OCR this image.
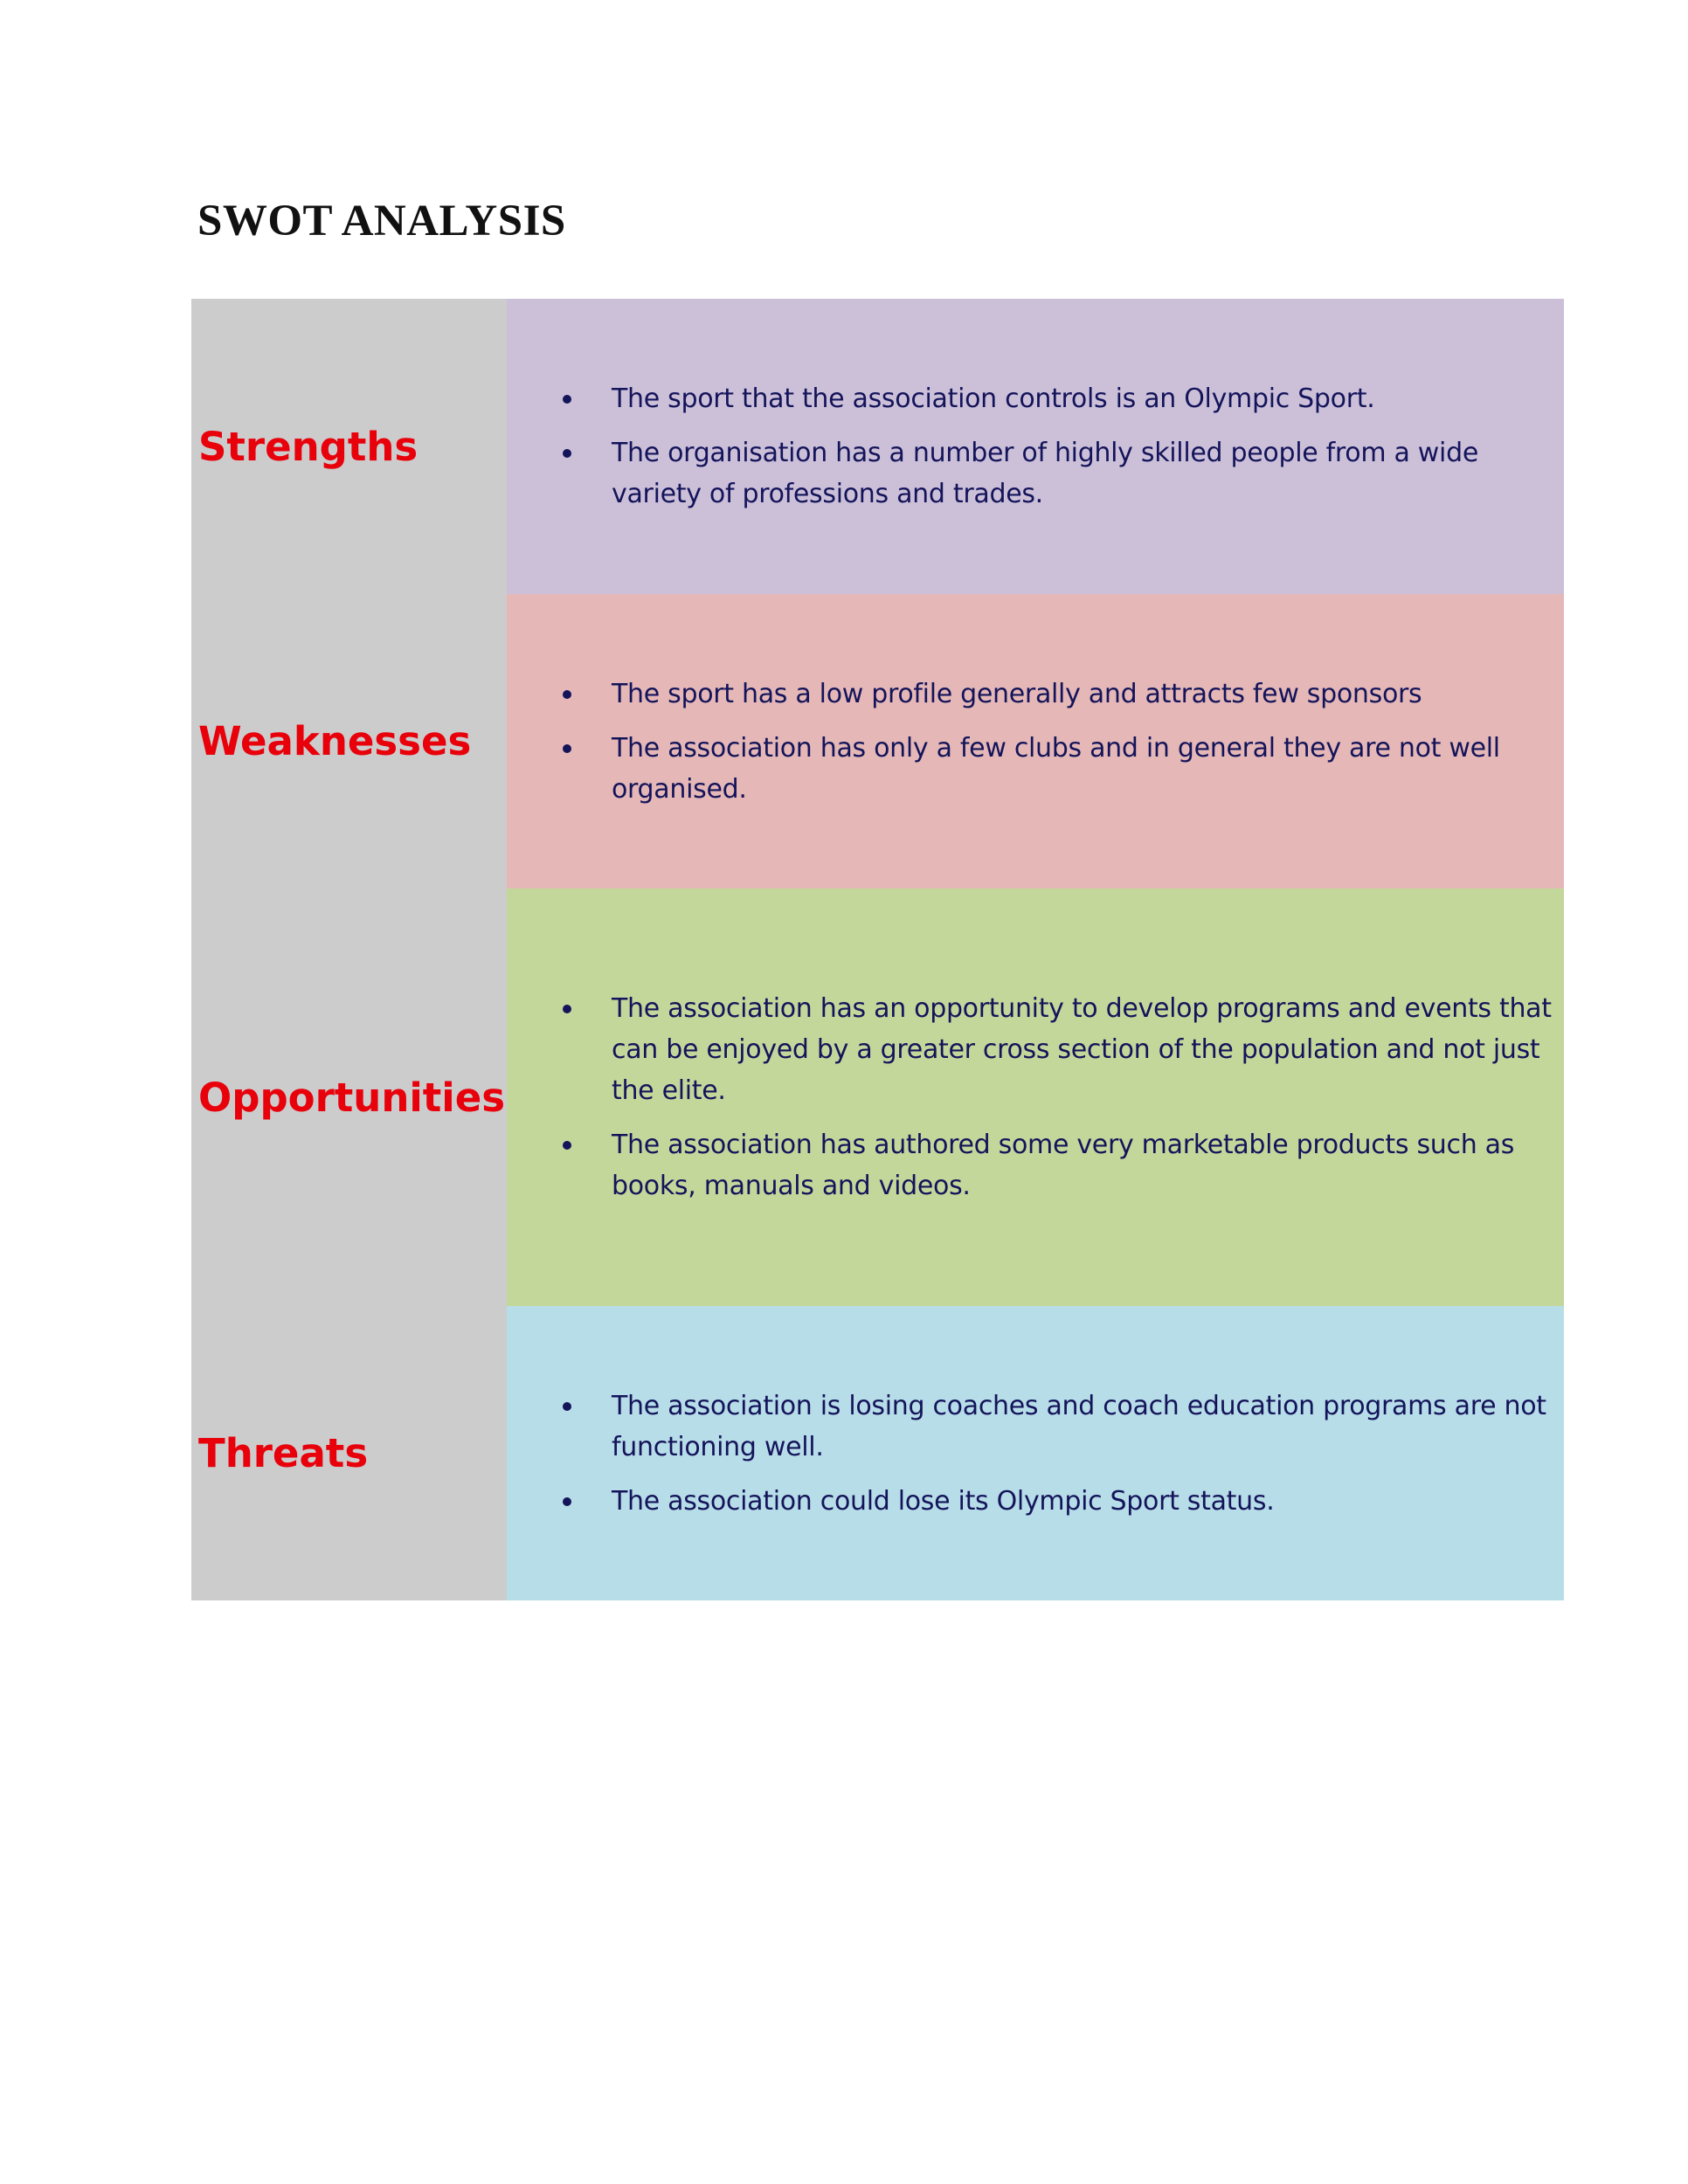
SWOT ANALYSIS
Strengths
The sport that the association controls is an Olympic Sport.
The organisation has a number of highly skilled people from a wide variety of professions and trades.
Weaknesses
The sport has a low profile generally and attracts few sponsors
The association has only a few clubs and in general they are not well organised.
Opportunities
The association has an opportunity to develop programs and events that can be enjoyed by a greater cross section of the population and not just the elite.
The association has authored some very marketable products such as books, manuals and videos.
Threats
The association is losing coaches and coach education programs are not functioning well.
The association could lose its Olympic Sport status.
